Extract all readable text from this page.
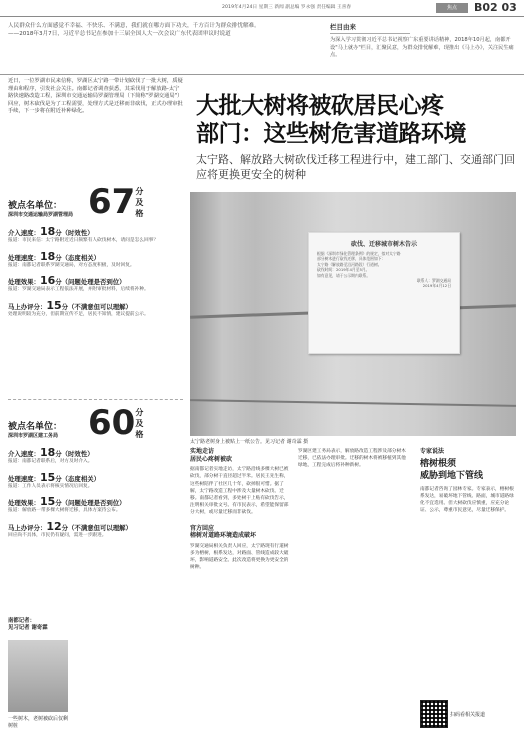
2019年4月24日 星期三 新闻 副总编 罗永强 责任编辑 王喜春	焦点	B02 03
人民群众什么方面感觉不幸福、不快乐、不满意，我们就在哪方面下功夫，千方百计为群众排忧解难。
——2018年3月7日，习近平总书记在参加十三届全国人大一次会议广东代表团审议时说道
栏目由来
为深入学习贯彻习近平总书记视察广东重要讲话精神，2018年10月起，南都开设"马上就办"栏目，汇聚民意，为群众排忧解难，现推出《马上办》，关注民生痛点。
近日，一位罗湖市民来信称，罗湖区太宁路一带计划砍伐了一批大树，质疑理由和程序，引发社会关注。南都记者调查获悉，其采伐用于解放路-太宁路快速路改造工程，深圳市交通运输局罗湖管理局（下简称"罗湖交通局"）回应，树木砍伐是为了工程需要，处理方式是迁移而非砍伐，正式办理审批手续，下一步将在附近补种绿化。	大批大树将被砍居民心疼
部门：这些树危害道路环境
太宁路、解放路大树砍伐迁移工程进行中，建工部门、交通部门回应将更换更安全的树种
砍伐、迁移城市树木告示
根据《深圳市绿化管理条例》的规定，拟对太宁路
部分树木进行砍伐迁移，具体范围如下：
太宁路（解放路至沿河路段）行道树。
砍伐时间：2019年4月至5月。
如有意见，请于公示期内联系。
联系人：罗湖交通局
2019年4月12日
太宁路老树身上被贴上一纸公告。见习记者 谢奇霖 摄
被点名单位：
深圳市交通运输局罗湖管理局 67 分及格
介入速度：18分（时效性）
报道：市民来信：太宁路附近近日频繁有人砍伐树木，请问是怎么回事？
处理速度：18分（态度相关）
报道：南都记者联系罗湖交通局，对方态度积极，及时回复。
处理效果：16分（问题处理是否到位）
报道：罗湖交通局表示工程依法开展，并附审批材料，后续将补种。
马上办评分：15分（不满意但可以理解）
处理说明较为充分，但前期宣传不足，居民不知情，建议提前公示。
被点名单位：
深圳市罗湖区建工务局 60 分及格
介入速度：18分（时效性）
报道：南都记者联系后，对方及时介入。
处理速度：15分（态度相关）
报道：工作人员表示将核实情况后回复。
处理效果：15分（问题处理是否到位）
报道：解放路一带多棵大树将迁移，具体方案待公布。
马上办评分：12分（不满意但可以理解）
回应尚不具体，市民仍有疑问，需进一步跟进。
南都记者：
见习记者 谢奇霖
一些树木，老树被砍后仅剩树桩
实地走访
居民心疼树被砍
据南都记者实地走访，太宁路沿线多棵大树已被砍伐，部分树干直径超过半米。居民王先生称，这些树陪伴了社区几十年，砍掉很可惜。据了解，太宁路改造工程中涉及大量树木砍伐、迁移。南都记者看到，多处树干上贴有砍伐告示，注明相关审批文号。有市民表示，希望能保留部分大树，或尽量迁移而非砍伐。
官方回应
榕树对道路环境造成破坏
罗湖交通局相关负责人回应，太宁路现有行道树多为榕树，根系发达，对路面、管线造成较大破坏，影响道路安全。此次改造将更换为更安全的树种。
罗湖区建工务局表示，解放路改造工程涉及部分树木迁移，已依法办理审批。迁移的树木将被移植到其他绿地，工程完成后将补种新树。
专家说法
榕树根须
威胁到地下管线
南都记者咨询了园林专家。专家表示，榕树根系发达，易破坏地下管线、路面，城市道路绿化不宜选用。但大树砍伐应慎重，应充分论证、公示，尊重市民意见，尽量迁移保护。
扫码看相关报道
